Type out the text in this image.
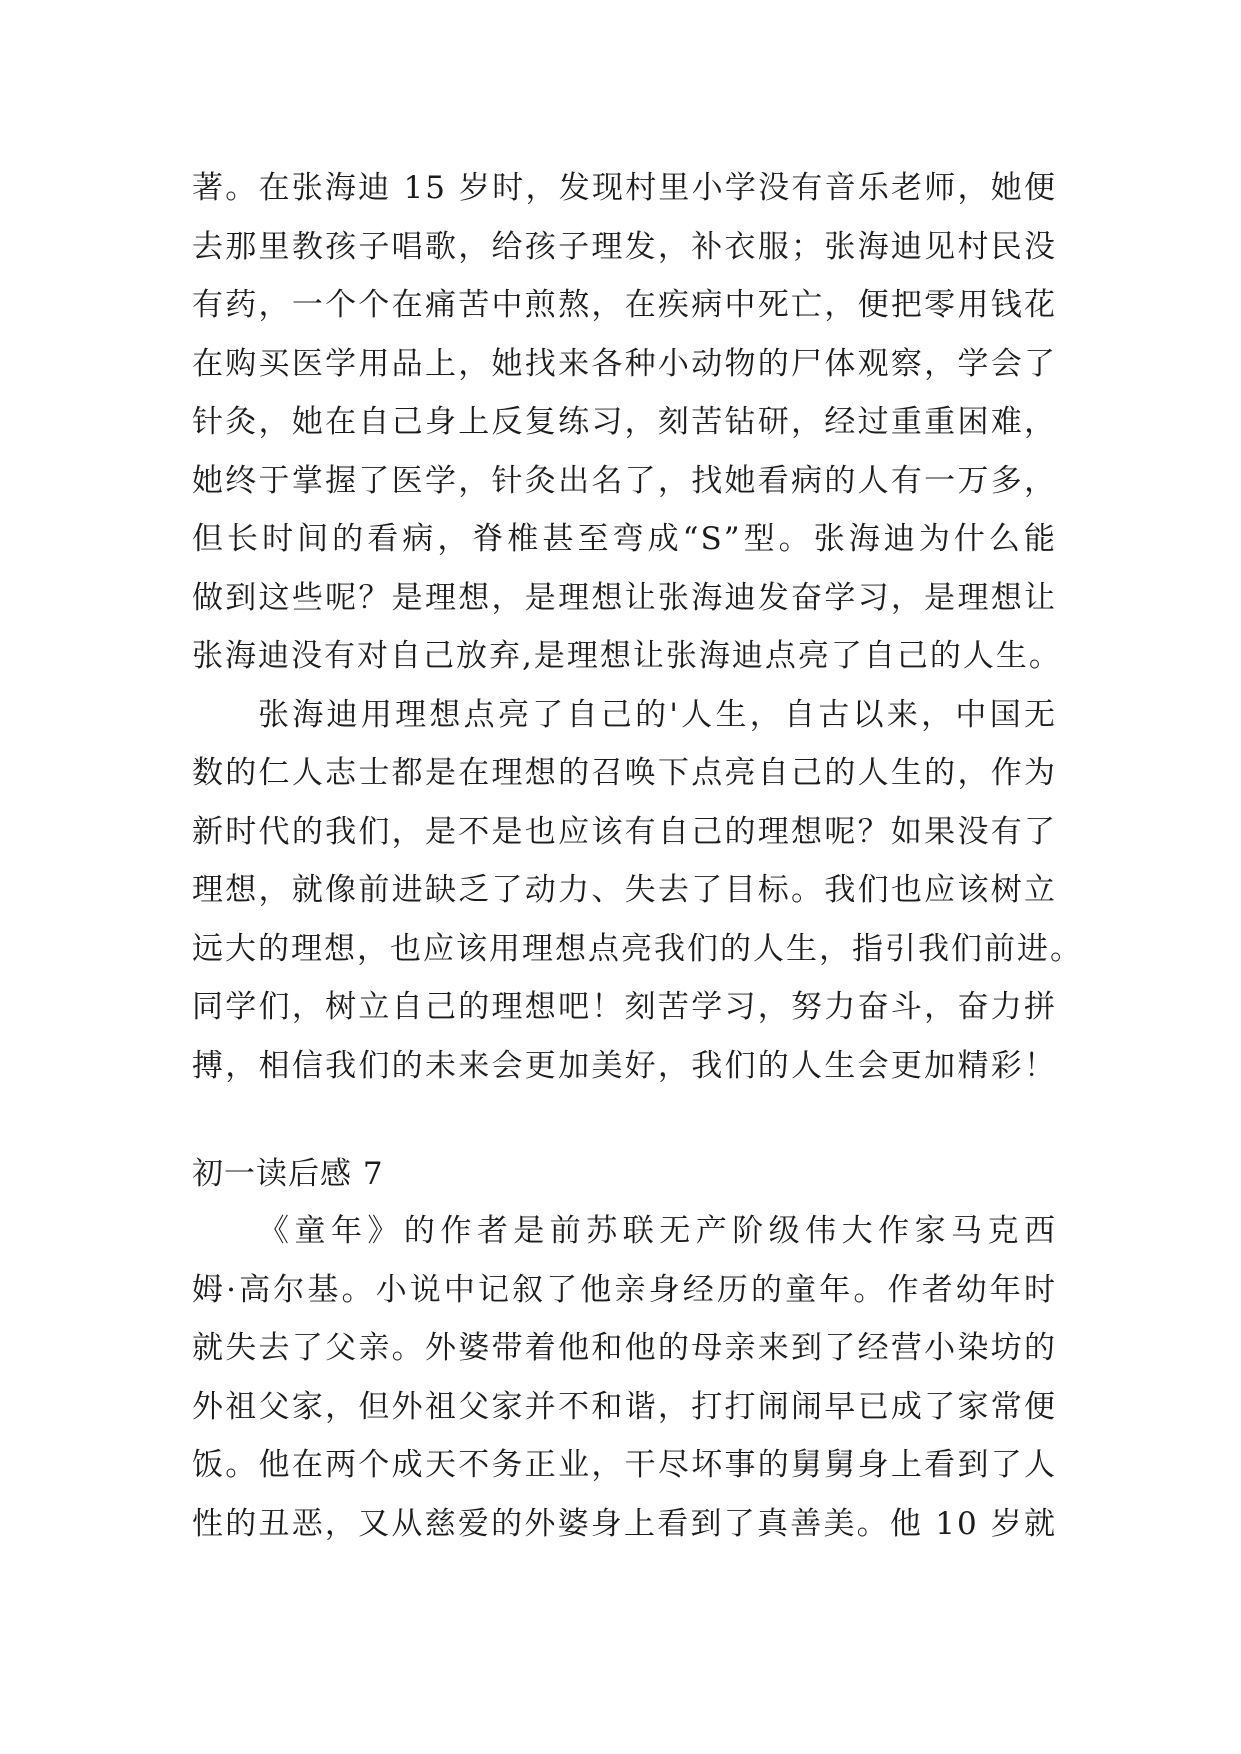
著。在张海迪 15 岁时，发现村里小学没有音乐老师，她便
去那里教孩子唱歌，给孩子理发，补衣服；张海迪见村民没
有药，一个个在痛苦中煎熬，在疾病中死亡，便把零用钱花
在购买医学用品上，她找来各种小动物的尸体观察，学会了
针灸，她在自己身上反复练习，刻苦钻研，经过重重困难，
她终于掌握了医学，针灸出名了，找她看病的人有一万多，
但长时间的看病，脊椎甚至弯成“S”型。张海迪为什么能
做到这些呢？是理想，是理想让张海迪发奋学习，是理想让
张海迪没有对自己放弃,是理想让张海迪点亮了自己的人生。
张海迪用理想点亮了自己的'人生，自古以来，中国无
数的仁人志士都是在理想的召唤下点亮自己的人生的，作为
新时代的我们，是不是也应该有自己的理想呢？如果没有了
理想，就像前进缺乏了动力、失去了目标。我们也应该树立
远大的理想，也应该用理想点亮我们的人生，指引我们前进。
同学们，树立自己的理想吧！刻苦学习，努力奋斗，奋力拼
搏，相信我们的未来会更加美好，我们的人生会更加精彩！
初一读后感 7
《童年》的作者是前苏联无产阶级伟大作家马克西
姆·高尔基。小说中记叙了他亲身经历的童年。作者幼年时
就失去了父亲。外婆带着他和他的母亲来到了经营小染坊的
外祖父家，但外祖父家并不和谐，打打闹闹早已成了家常便
饭。他在两个成天不务正业，干尽坏事的舅舅身上看到了人
性的丑恶，又从慈爱的外婆身上看到了真善美。他 10 岁就
